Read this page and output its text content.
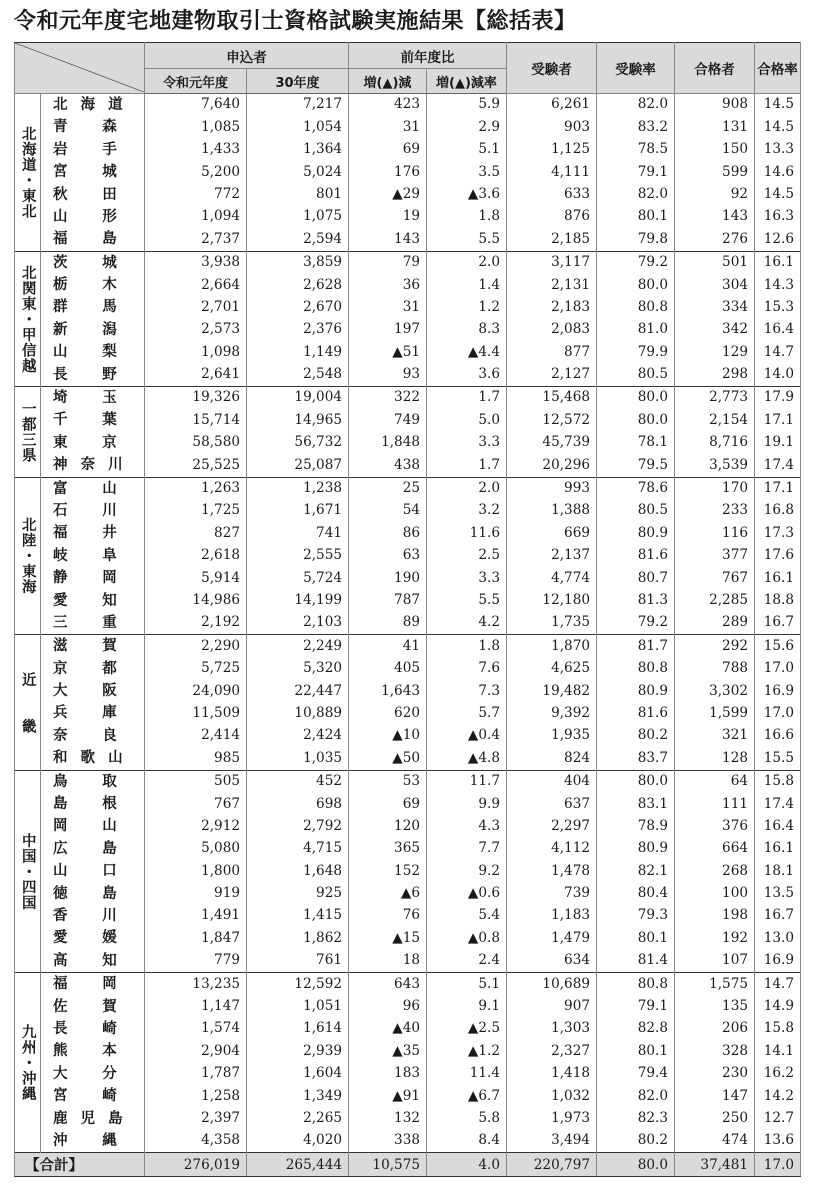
令和元年度宅地建物取引士資格試験実施結果【総括表】
	申込者		前年度比		受験者	受験率	合格者	合格率
		令和元年度	30年度	増(▲)減	増(▲)減率				
北海道・東北	北海道	7,640	7,217	423	5.9	6,261	82.0	908	14.5
	青森	1,085	1,054	31	2.9	903	83.2	131	14.5
	岩手	1,433	1,364	69	5.1	1,125	78.5	150	13.3
	宮城	5,200	5,024	176	3.5	4,111	79.1	599	14.6
	秋田	772	801	▲29	▲3.6	633	82.0	92	14.5
	山形	1,094	1,075	19	1.8	876	80.1	143	16.3
	福島	2,737	2,594	143	5.5	2,185	79.8	276	12.6
北関東・甲信越	茨城	3,938	3,859	79	2.0	3,117	79.2	501	16.1
	栃木	2,664	2,628	36	1.4	2,131	80.0	304	14.3
	群馬	2,701	2,670	31	1.2	2,183	80.8	334	15.3
	新潟	2,573	2,376	197	8.3	2,083	81.0	342	16.4
	山梨	1,098	1,149	▲51	▲4.4	877	79.9	129	14.7
	長野	2,641	2,548	93	3.6	2,127	80.5	298	14.0
一都三県	埼玉	19,326	19,004	322	1.7	15,468	80.0	2,773	17.9
	千葉	15,714	14,965	749	5.0	12,572	80.0	2,154	17.1
	東京	58,580	56,732	1,848	3.3	45,739	78.1	8,716	19.1
	神奈川	25,525	25,087	438	1.7	20,296	79.5	3,539	17.4
北陸・東海	富山	1,263	1,238	25	2.0	993	78.6	170	17.1
	石川	1,725	1,671	54	3.2	1,388	80.5	233	16.8
	福井	827	741	86	11.6	669	80.9	116	17.3
	岐阜	2,618	2,555	63	2.5	2,137	81.6	377	17.6
	静岡	5,914	5,724	190	3.3	4,774	80.7	767	16.1
	愛知	14,986	14,199	787	5.5	12,180	81.3	2,285	18.8
	三重	2,192	2,103	89	4.2	1,735	79.2	289	16.7
近　　畿	滋賀	2,290	2,249	41	1.8	1,870	81.7	292	15.6
	京都	5,725	5,320	405	7.6	4,625	80.8	788	17.0
	大阪	24,090	22,447	1,643	7.3	19,482	80.9	3,302	16.9
	兵庫	11,509	10,889	620	5.7	9,392	81.6	1,599	17.0
	奈良	2,414	2,424	▲10	▲0.4	1,935	80.2	321	16.6
	和歌山	985	1,035	▲50	▲4.8	824	83.7	128	15.5
中国・四国	鳥取	505	452	53	11.7	404	80.0	64	15.8
	島根	767	698	69	9.9	637	83.1	111	17.4
	岡山	2,912	2,792	120	4.3	2,297	78.9	376	16.4
	広島	5,080	4,715	365	7.7	4,112	80.9	664	16.1
	山口	1,800	1,648	152	9.2	1,478	82.1	268	18.1
	徳島	919	925	▲6	▲0.6	739	80.4	100	13.5
	香川	1,491	1,415	76	5.4	1,183	79.3	198	16.7
	愛媛	1,847	1,862	▲15	▲0.8	1,479	80.1	192	13.0
	高知	779	761	18	2.4	634	81.4	107	16.9
九州・沖縄	福岡	13,235	12,592	643	5.1	10,689	80.8	1,575	14.7
	佐賀	1,147	1,051	96	9.1	907	79.1	135	14.9
	長崎	1,574	1,614	▲40	▲2.5	1,303	82.8	206	15.8
	熊本	2,904	2,939	▲35	▲1.2	2,327	80.1	328	14.1
	大分	1,787	1,604	183	11.4	1,418	79.4	230	16.2
	宮崎	1,258	1,349	▲91	▲6.7	1,032	82.0	147	14.2
	鹿児島	2,397	2,265	132	5.8	1,973	82.3	250	12.7
	沖縄	4,358	4,020	338	8.4	3,494	80.2	474	13.6
【合計】		276,019	265,444	10,575	4.0	220,797	80.0	37,481	17.0
